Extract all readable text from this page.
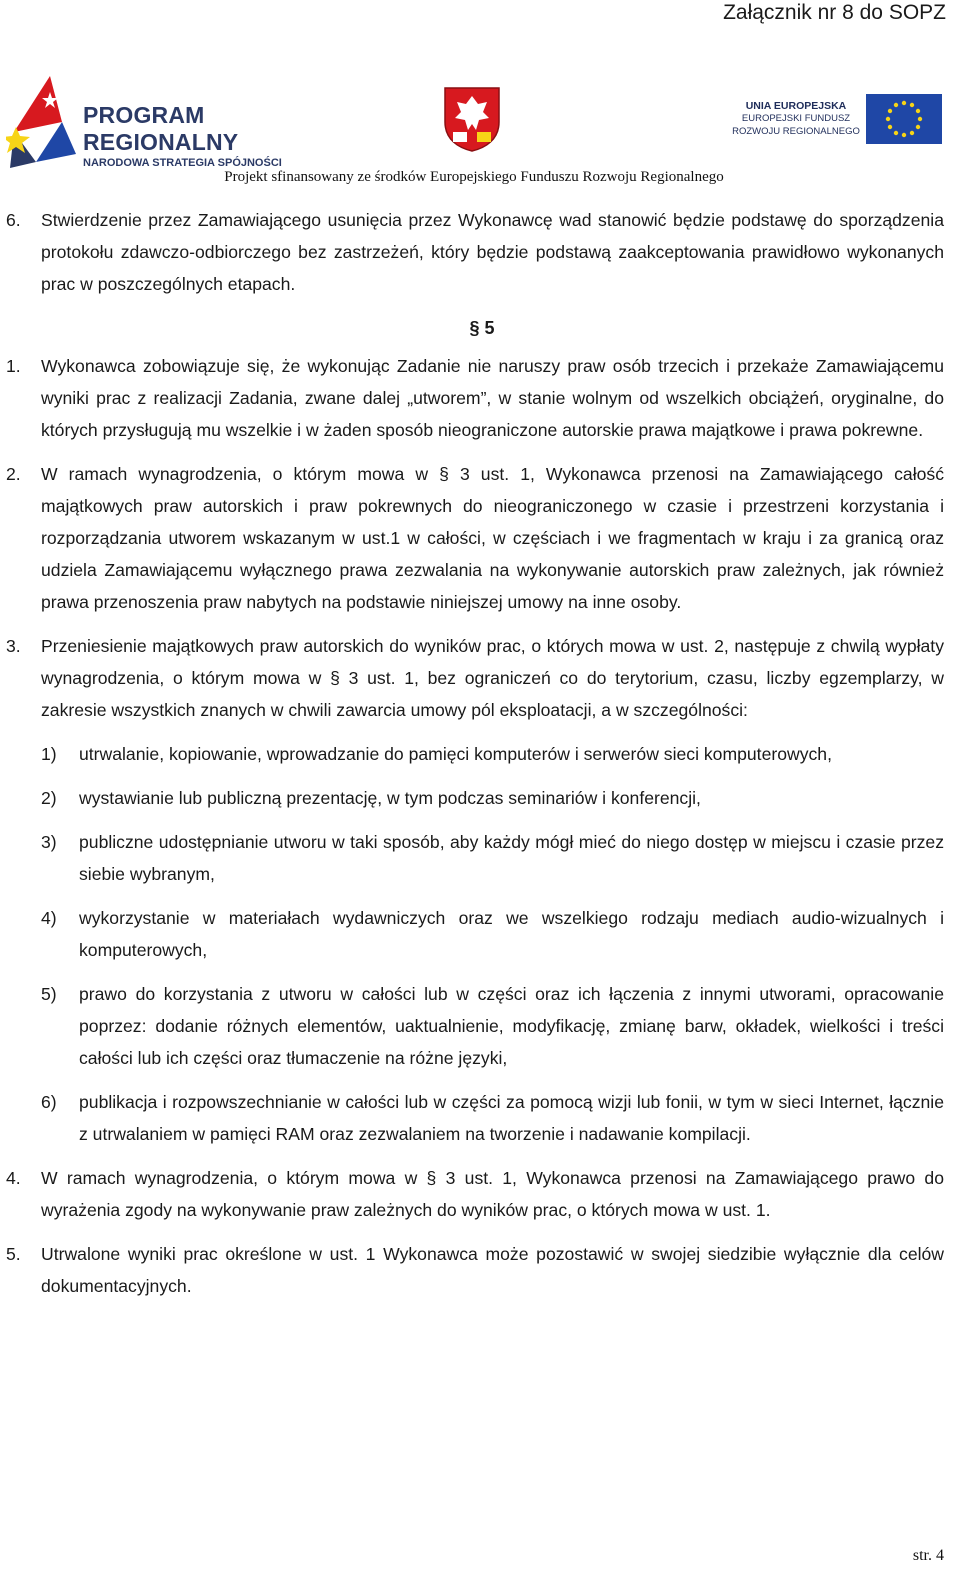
Załącznik nr 8 do SOPZ
PROGRAM REGIONALNY
NARODOWA STRATEGIA SPÓJNOŚCI
UNIA EUROPEJSKA
EUROPEJSKI FUNDUSZ
ROZWOJU REGIONALNEGO
Projekt sfinansowany ze środków Europejskiego Funduszu Rozwoju Regionalnego
6.	Stwierdzenie przez Zamawiającego usunięcia przez Wykonawcę wad stanowić będzie podstawę do sporządzenia protokołu zdawczo-odbiorczego bez zastrzeżeń, który będzie podstawą zaakceptowania prawidłowo wykonanych prac w poszczególnych etapach.
§ 5
1.	Wykonawca zobowiązuje się, że wykonując Zadanie nie naruszy praw osób trzecich i przekaże Zamawiającemu wyniki prac z realizacji Zadania, zwane dalej „utworem”, w stanie wolnym od wszelkich obciążeń, oryginalne, do których przysługują mu wszelkie i w żaden sposób nieograniczone autorskie prawa majątkowe i prawa pokrewne.
2.	W ramach wynagrodzenia, o którym mowa w § 3 ust. 1, Wykonawca przenosi na Zamawiającego całość majątkowych praw autorskich i praw pokrewnych do nieograniczonego w czasie i przestrzeni korzystania i rozporządzania utworem wskazanym w ust.1 w całości, w częściach i we fragmentach w kraju i za granicą oraz udziela Zamawiającemu wyłącznego prawa zezwalania na wykonywanie autorskich praw zależnych, jak również prawa przenoszenia praw nabytych na podstawie niniejszej umowy na inne osoby.
3.	Przeniesienie majątkowych praw autorskich do wyników prac, o których mowa w ust. 2, następuje z chwilą wypłaty wynagrodzenia, o którym mowa w § 3 ust. 1, bez ograniczeń co do terytorium, czasu, liczby egzemplarzy, w zakresie wszystkich znanych w chwili zawarcia umowy pól eksploatacji, a w szczególności:
1)	utrwalanie, kopiowanie, wprowadzanie do pamięci komputerów i serwerów sieci komputerowych,
2)	wystawianie lub publiczną prezentację, w tym podczas seminariów i konferencji,
3)	publiczne udostępnianie utworu w taki sposób, aby każdy mógł mieć do niego dostęp w miejscu i czasie przez siebie wybranym,
4)	wykorzystanie w materiałach wydawniczych oraz we wszelkiego rodzaju mediach audio-wizualnych i komputerowych,
5)	prawo do korzystania z utworu w całości lub w części oraz ich łączenia z innymi utworami, opracowanie poprzez: dodanie różnych elementów, uaktualnienie, modyfikację, zmianę barw, okładek, wielkości i treści całości lub ich części oraz tłumaczenie na różne języki,
6)	publikacja i rozpowszechnianie w całości lub w części za pomocą wizji lub fonii, w tym w sieci Internet, łącznie z utrwalaniem w pamięci RAM oraz zezwalaniem na tworzenie i nadawanie kompilacji.
4.	W ramach wynagrodzenia, o którym mowa w § 3 ust. 1, Wykonawca przenosi na Zamawiającego prawo do wyrażenia zgody na wykonywanie praw zależnych do wyników prac, o których mowa w ust. 1.
5.	Utrwalone wyniki prac określone w ust. 1 Wykonawca może pozostawić w swojej siedzibie wyłącznie dla celów dokumentacyjnych.
str. 4
